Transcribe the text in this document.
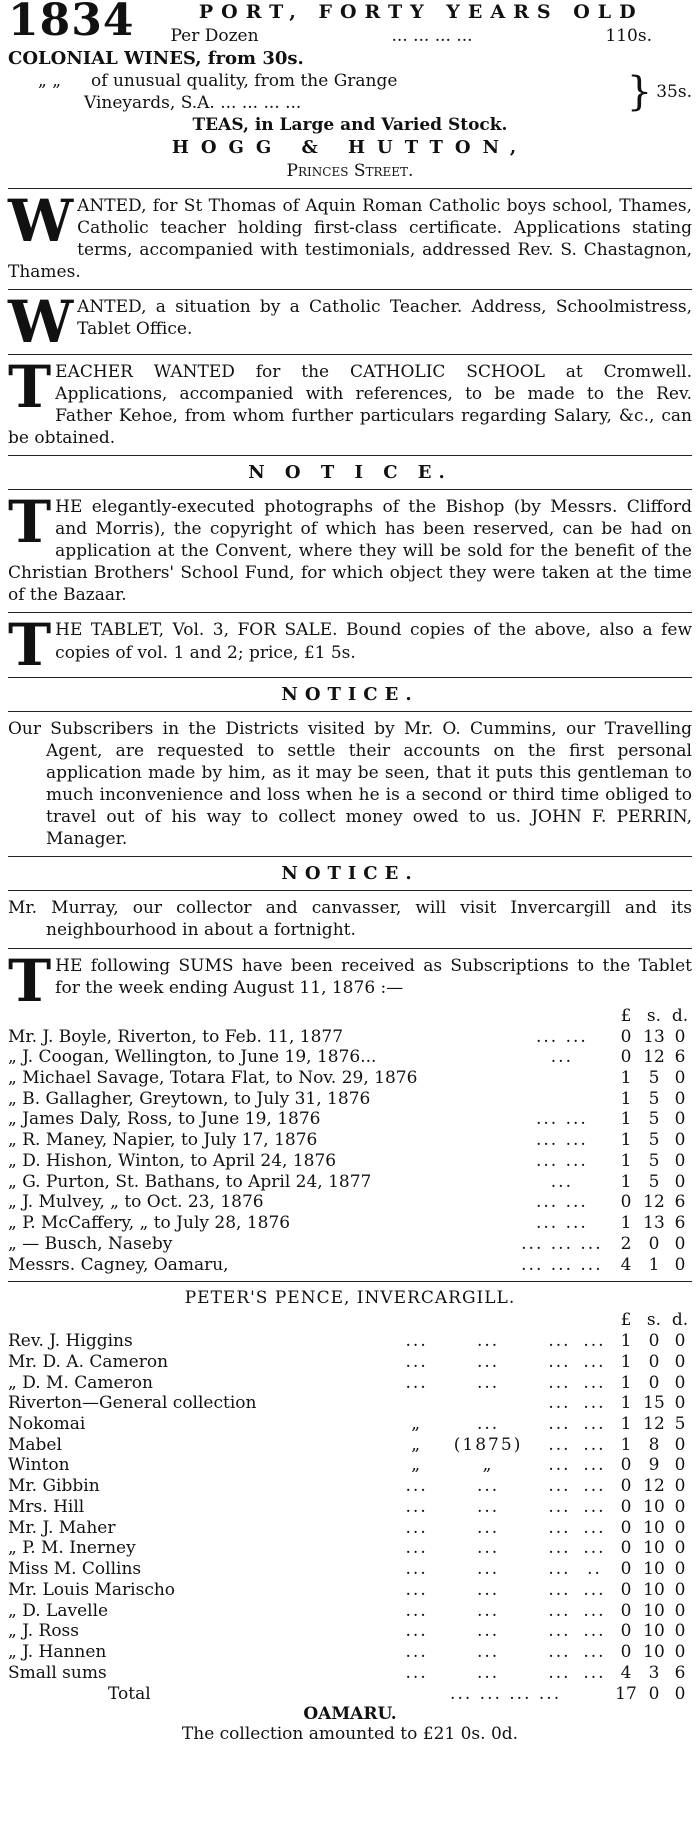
1834	PORT, FORTY YEARS OLD
Per Dozen	... ... ... ...	110s.
COLONIAL WINES, from 30s.
„ „ of unusual quality, from the Grange
Vineyards, S.A. ... ... ... ...	} 35s.
TEAS, in Large and Varied Stock.
HOGG & HUTTON,
Princes Street.
W ANTED, for St Thomas of Aquin Roman Catholic boys school, Thames, Catholic teacher holding first-class certificate. Applications stating terms, accompanied with testimonials, addressed Rev. S. Chastagnon, Thames.
W ANTED, a situation by a Catholic Teacher. Address, Schoolmistress, Tablet Office.
T EACHER WANTED for the CATHOLIC SCHOOL at Cromwell. Applications, accompanied with references, to be made to the Rev. Father Kehoe, from whom further particulars regarding Salary, &c., can be obtained.
N O T I C E.
T HE elegantly-executed photographs of the Bishop (by Messrs. Clifford and Morris), the copyright of which has been reserved, can be had on application at the Convent, where they will be sold for the benefit of the Christian Brothers' School Fund, for which object they were taken at the time of the Bazaar.
T HE TABLET, Vol. 3, FOR SALE. Bound copies of the above, also a few copies of vol. 1 and 2; price, £1 5s.
NOTICE.
Our Subscribers in the Districts visited by Mr. O. Cummins, our Travelling Agent, are requested to settle their accounts on the first personal application made by him, as it may be seen, that it puts this gentleman to much inconvenience and loss when he is a second or third time obliged to travel out of his way to collect money owed to us. JOHN F. PERRIN, Manager.
NOTICE.
Mr. Murray, our collector and canvasser, will visit Invercargill and its neighbourhood in about a fortnight.
T HE following SUMS have been received as Subscriptions to the Tablet for the week ending August 11, 1876 :—
		£	s.	d.
Mr. J. Boyle, Riverton, to Feb. 11, 1877	... ...	0	13	0
„ J. Coogan, Wellington, to June 19, 1876...	...	0	12	6
„ Michael Savage, Totara Flat, to Nov. 29, 1876		1	5	0
„ B. Gallagher, Greytown, to July 31, 1876		1	5	0
„ James Daly, Ross, to June 19, 1876	... ...	1	5	0
„ R. Maney, Napier, to July 17, 1876	... ...	1	5	0
„ D. Hishon, Winton, to April 24, 1876	... ...	1	5	0
„ G. Purton, St. Bathans, to April 24, 1877	...	1	5	0
„ J. Mulvey, „ to Oct. 23, 1876	... ...	0	12	6
„ P. McCaffery, „ to July 28, 1876	... ...	1	13	6
„ — Busch, Naseby	... ... ...	2	0	0
Messrs. Cagney, Oamaru,	... ... ...	4	1	0
PETER'S PENCE, INVERCARGILL.
					£	s.	d.
Rev. J. Higgins	...	...	...	...	1	0	0
Mr. D. A. Cameron	...	...	...	...	1	0	0
„ D. M. Cameron	...	...	...	...	1	0	0
Riverton—General collection			...	...	1	15	0
Nokomai	„	...	...	...	1	12	5
Mabel	„	(1875)	...	...	1	8	0
Winton	„	„	...	...	0	9	0
Mr. Gibbin	...	...	...	...	0	12	0
Mrs. Hill	...	...	...	...	0	10	0
Mr. J. Maher	...	...	...	...	0	10	0
„ P. M. Inerney	...	...	...	...	0	10	0
Miss M. Collins	...	...	...	..	0	10	0
Mr. Louis Marischo	...	...	...	...	0	10	0
„ D. Lavelle	...	...	...	...	0	10	0
„ J. Ross	...	...	...	...	0	10	0
„ J. Hannen	...	...	...	...	0	10	0
Small sums	...	...	...	...	4	3	6
Total	... ... ... ...				17	0	0
OAMARU.
The collection amounted to £21 0s. 0d.
